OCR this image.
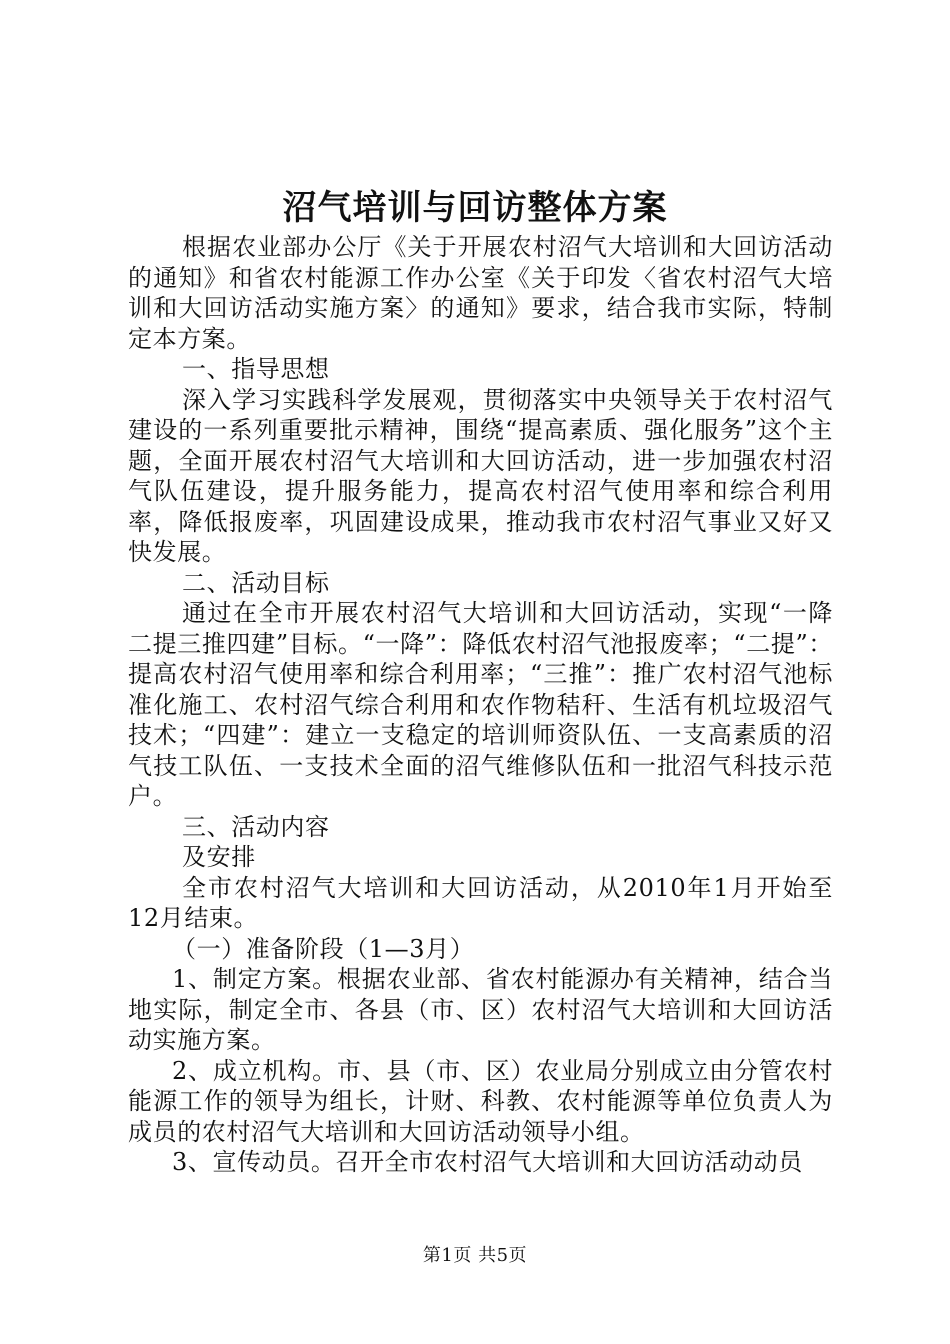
沼气培训与回访整体方案

根据农业部办公厅《关于开展农村沼气大培训和大回访活动的通知》和省农村能源工作办公室《关于印发〈省农村沼气大培训和大回访活动实施方案〉的通知》要求，结合我市实际，特制定本方案。

一、指导思想

深入学习实践科学发展观，贯彻落实中央领导关于农村沼气建设的一系列重要批示精神，围绕“提高素质、强化服务”这个主题，全面开展农村沼气大培训和大回访活动，进一步加强农村沼气队伍建设，提升服务能力，提高农村沼气使用率和综合利用率，降低报废率，巩固建设成果，推动我市农村沼气事业又好又快发展。

二、活动目标

通过在全市开展农村沼气大培训和大回访活动，实现“一降二提三推四建”目标。“一降”：降低农村沼气池报废率；“二提”：提高农村沼气使用率和综合利用率；“三推”：推广农村沼气池标准化施工、农村沼气综合利用和农作物秸秆、生活有机垃圾沼气技术；“四建”：建立一支稳定的培训师资队伍、一支高素质的沼气技工队伍、一支技术全面的沼气维修队伍和一批沼气科技示范户。

三、活动内容

及安排

全市农村沼气大培训和大回访活动，从2010年1月开始至12月结束。

（一）准备阶段（1—3月）

1、制定方案。根据农业部、省农村能源办有关精神，结合当地实际，制定全市、各县（市、区）农村沼气大培训和大回访活动实施方案。

2、成立机构。市、县（市、区）农业局分别成立由分管农村能源工作的领导为组长，计财、科教、农村能源等单位负责人为成员的农村沼气大培训和大回访活动领导小组。

3、宣传动员。召开全市农村沼气大培训和大回访活动动员

第1页 共5页
